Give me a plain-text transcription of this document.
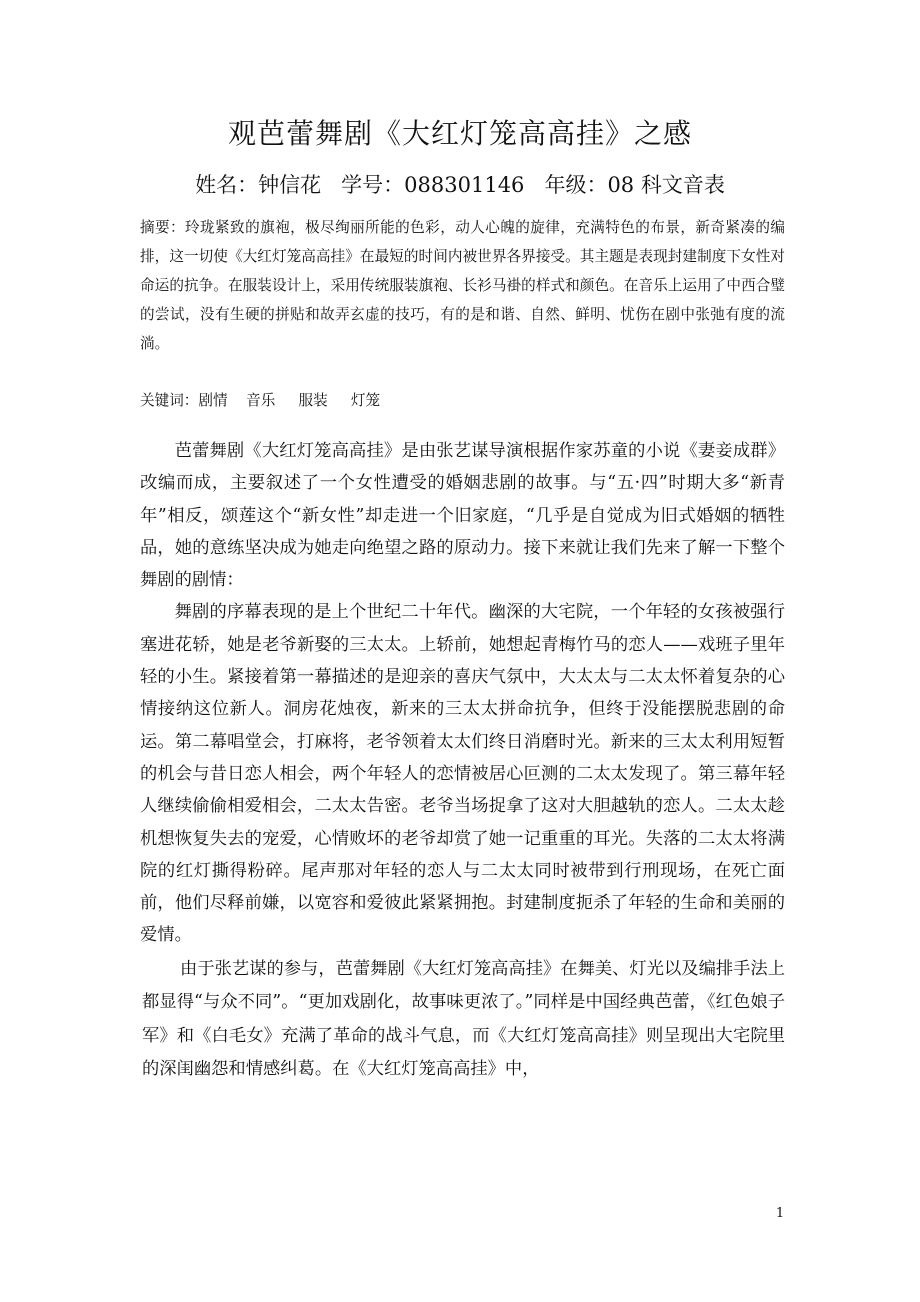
观芭蕾舞剧《大红灯笼高高挂》之感
姓名：钟信花   学号：088301146   年级：08 科文音表
摘要：玲珑紧致的旗袍，极尽绚丽所能的色彩，动人心魄的旋律，充满特色的布景，新奇紧凑的编排，这一切使《大红灯笼高高挂》在最短的时间内被世界各界接受。其主题是表现封建制度下女性对命运的抗争。在服装设计上，采用传统服装旗袍、长衫马褂的样式和颜色。在音乐上运用了中西合璧的尝试，没有生硬的拼贴和故弄玄虚的技巧，有的是和谐、自然、鲜明、忧伤在剧中张弛有度的流淌。
关键词：剧情    音乐     服装     灯笼

芭蕾舞剧《大红灯笼高高挂》是由张艺谋导演根据作家苏童的小说《妻妾成群》改编而成，主要叙述了一个女性遭受的婚姻悲剧的故事。与“五·四”时期大多“新青年”相反，颂莲这个“新女性”却走进一个旧家庭，“几乎是自觉成为旧式婚姻的牺牲品，她的意练坚决成为她走向绝望之路的原动力。接下来就让我们先来了解一下整个舞剧的剧情：

舞剧的序幕表现的是上个世纪二十年代。幽深的大宅院，一个年轻的女孩被强行塞进花轿，她是老爷新娶的三太太。上轿前，她想起青梅竹马的恋人——戏班子里年轻的小生。紧接着第一幕描述的是迎亲的喜庆气氛中，大太太与二太太怀着复杂的心情接纳这位新人。洞房花烛夜，新来的三太太拼命抗争，但终于没能摆脱悲剧的命运。第二幕唱堂会，打麻将，老爷领着太太们终日消磨时光。新来的三太太利用短暂的机会与昔日恋人相会，两个年轻人的恋情被居心叵测的二太太发现了。第三幕年轻人继续偷偷相爱相会，二太太告密。老爷当场捉拿了这对大胆越轨的恋人。二太太趁机想恢复失去的宠爱，心情败坏的老爷却赏了她一记重重的耳光。失落的二太太将满院的红灯撕得粉碎。尾声那对年轻的恋人与二太太同时被带到行刑现场，在死亡面前，他们尽释前嫌，以宽容和爱彼此紧紧拥抱。封建制度扼杀了年轻的生命和美丽的爱情。

由于张艺谋的参与，芭蕾舞剧《大红灯笼高高挂》在舞美、灯光以及编排手法上都显得“与众不同”。“更加戏剧化，故事味更浓了。”同样是中国经典芭蕾，《红色娘子军》和《白毛女》充满了革命的战斗气息，而《大红灯笼高高挂》则呈现出大宅院里的深闺幽怨和情感纠葛。在《大红灯笼高高挂》中，

1
